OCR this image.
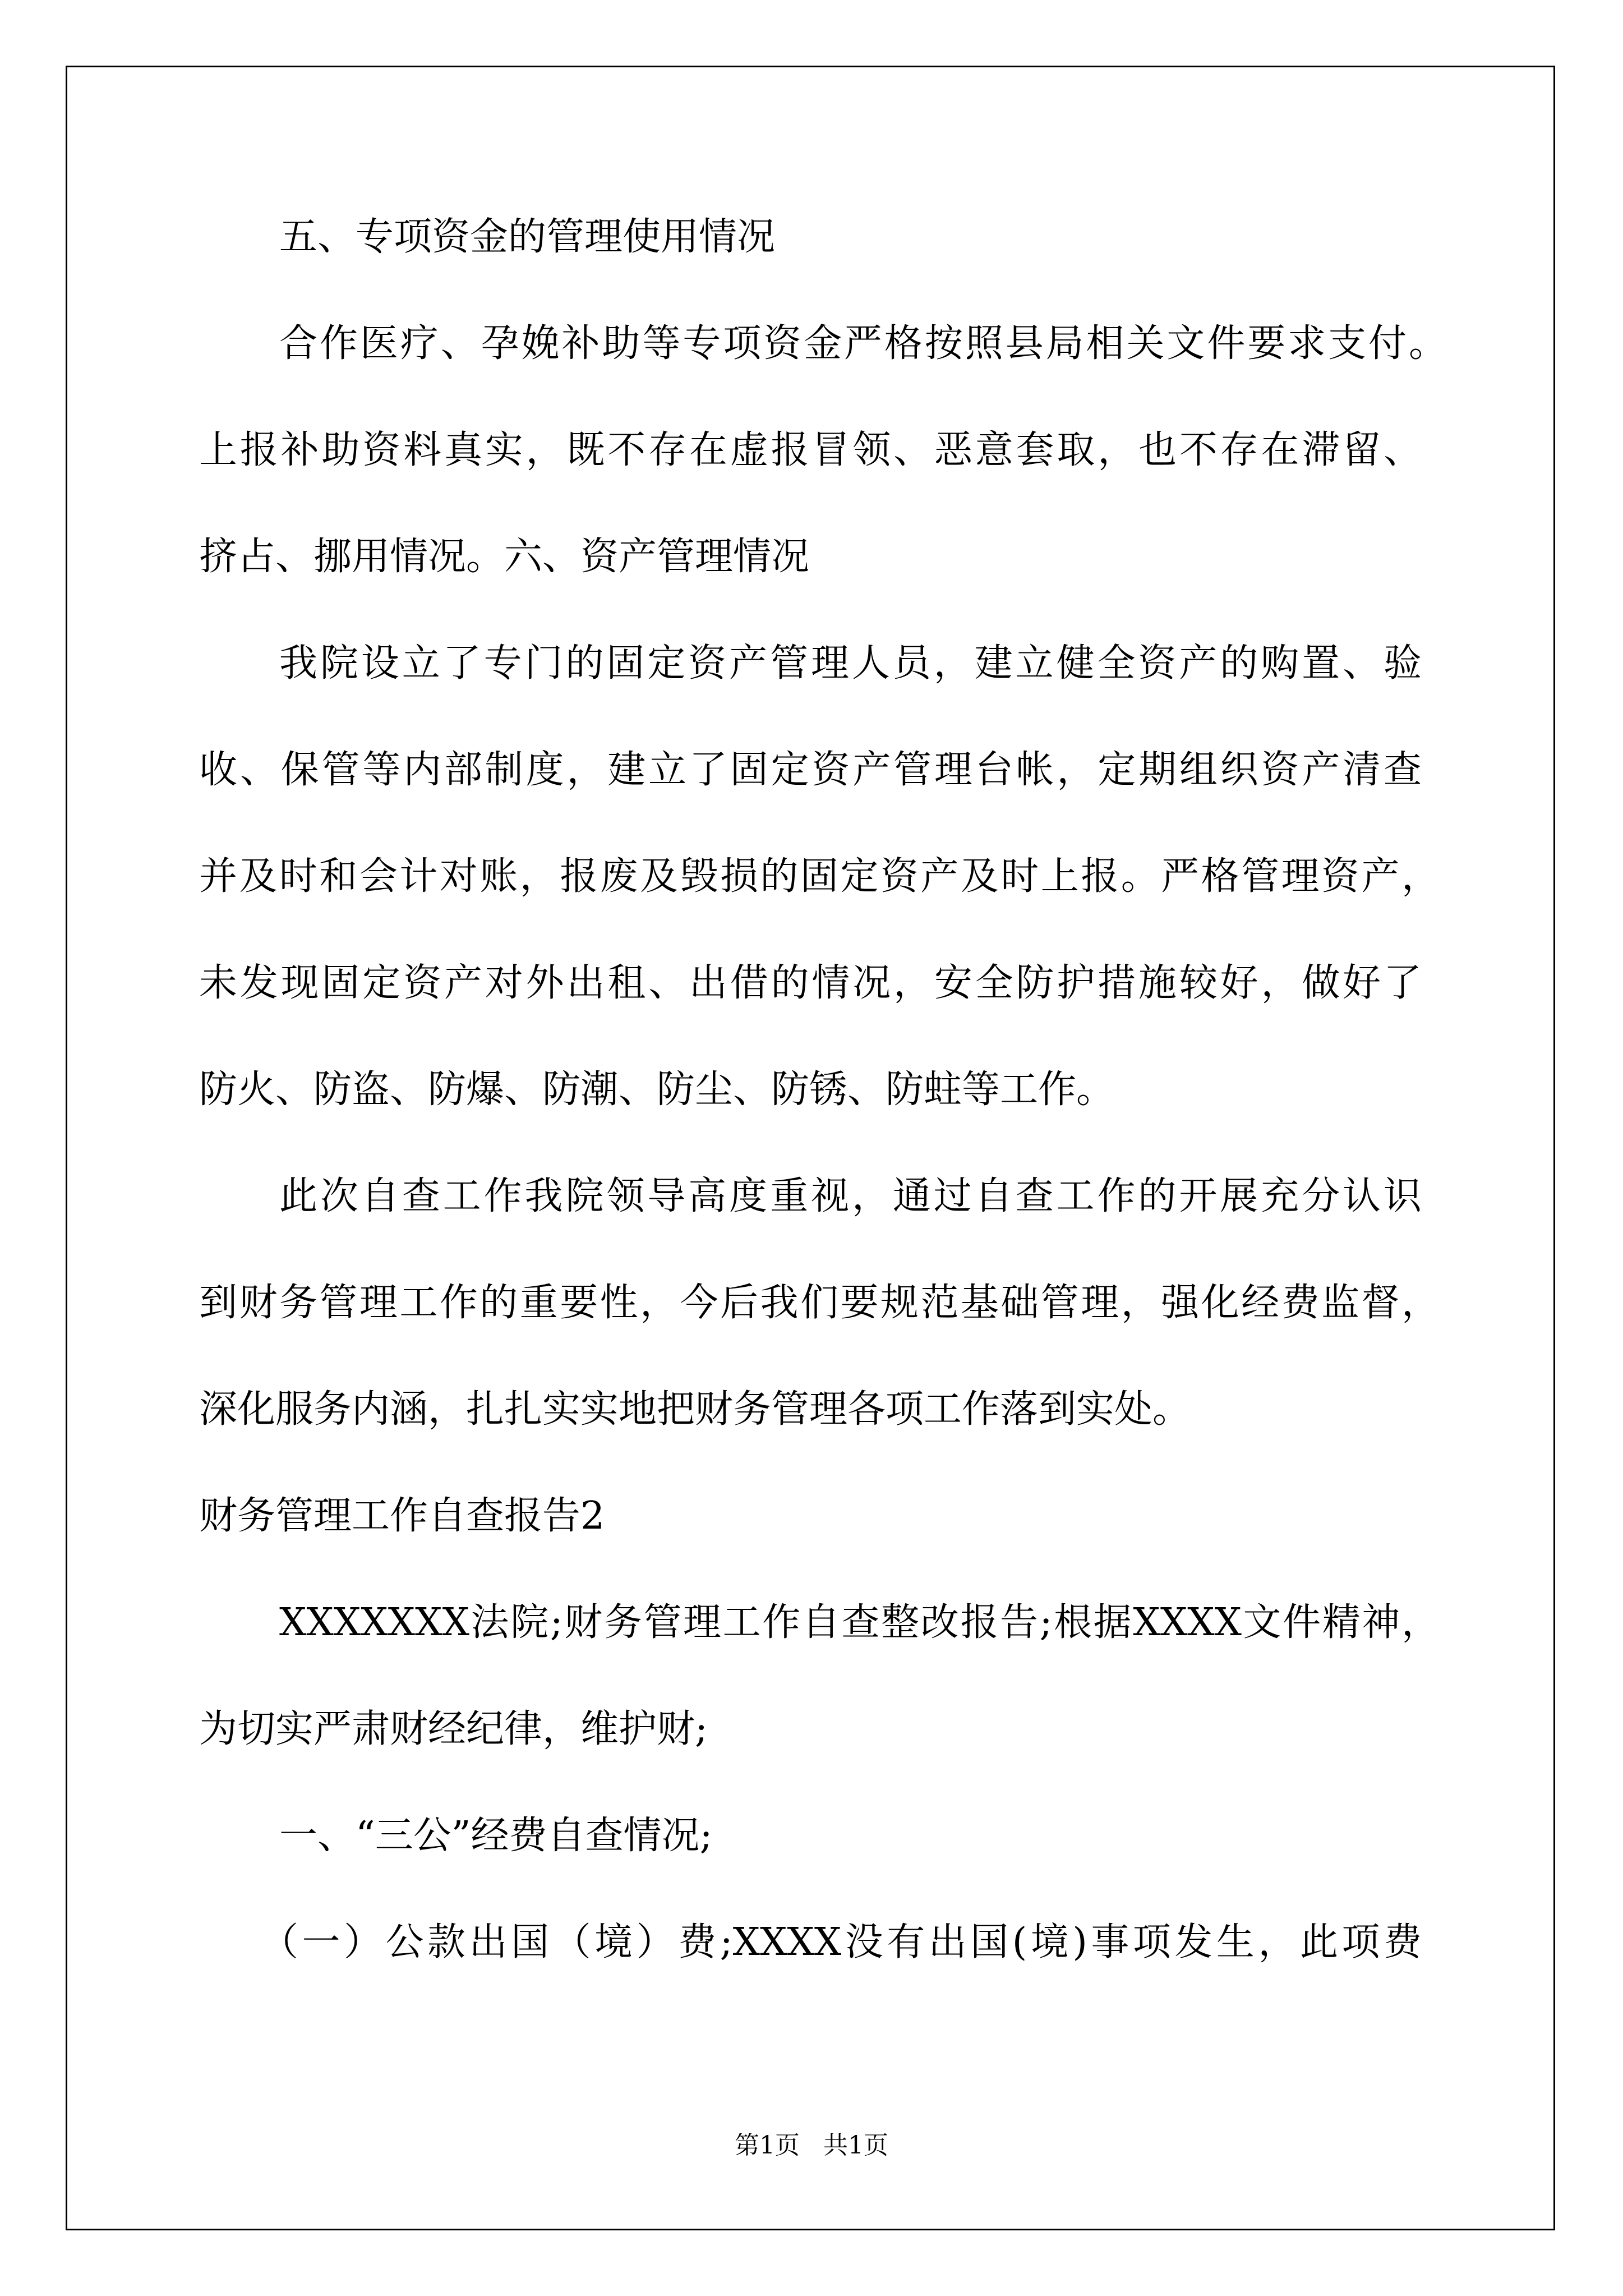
五、专项资金的管理使用情况
合作医疗、孕娩补助等专项资金严格按照县局相关文件要求支付。
上报补助资料真实，既不存在虚报冒领、恶意套取，也不存在滞留、
挤占、挪用情况。六、资产管理情况
我院设立了专门的固定资产管理人员，建立健全资产的购置、验
收、保管等内部制度，建立了固定资产管理台帐，定期组织资产清查
并及时和会计对账，报废及毁损的固定资产及时上报。严格管理资产，
未发现固定资产对外出租、出借的情况，安全防护措施较好，做好了
防火、防盗、防爆、防潮、防尘、防锈、防蛀等工作。
此次自查工作我院领导高度重视，通过自查工作的开展充分认识
到财务管理工作的重要性，今后我们要规范基础管理，强化经费监督，
深化服务内涵，扎扎实实地把财务管理各项工作落到实处。
财务管理工作自查报告2
XXXXXXX法院;财务管理工作自查整改报告;根据XXXX文件精神，
为切实严肃财经纪律，维护财;
一、“三公”经费自查情况;
（一）公款出国（境）费;XXXX没有出国(境)事项发生，此项费
第1页   共1页
